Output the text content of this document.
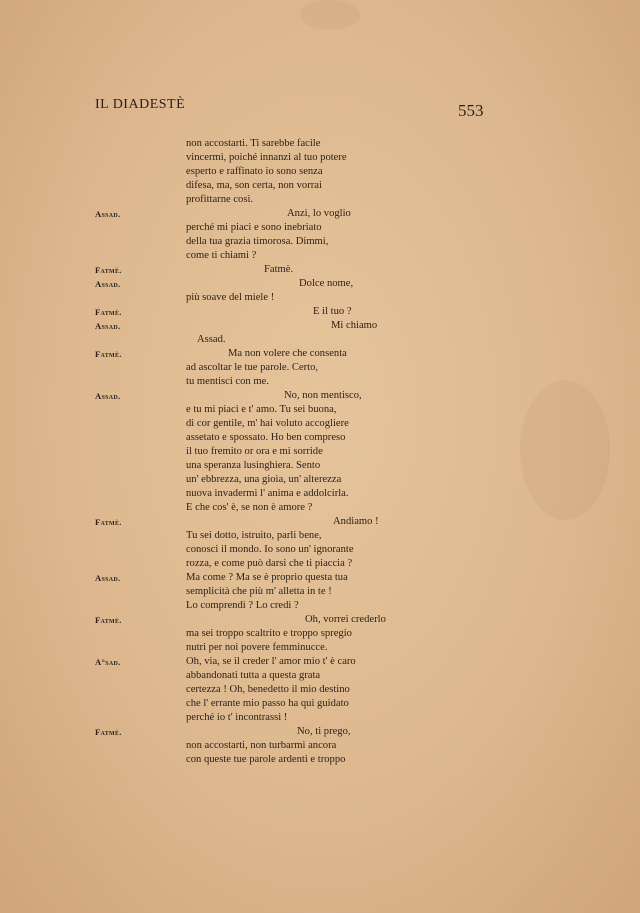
IL DIADESTÈ	553
Assad.
Fatmè.
Assad.
Fatmè.
Assad.
Fatmè.
Assad.
Fatmè.
Assad.
Fatmè.
A°sad.
Fatmè.
non accostarti. Ti sarebbe facile
vincermi, poiché innanzi al tuo potere
esperto e raffinato io sono senza
difesa, ma, son certa, non vorrai
profittarne così.
Anzi, lo voglio
perché mi piaci e sono inebriato
della tua grazia timorosa. Dimmi,
come ti chiami ?
Fatmè.
Dolce nome,
più soave del miele !
E il tuo ?
Mi chiamo
Assad.
Ma non volere che consenta
ad ascoltar le tue parole. Certo,
tu mentisci con me.
No, non mentisco,
e tu mi piaci e t' amo. Tu sei buona,
di cor gentile, m' hai voluto accogliere
assetato e spossato. Ho ben compreso
il tuo fremito or ora e mi sorride
una speranza lusinghiera. Sento
un' ebbrezza, una gioia, un' alterezza
nuova invadermi l' anima e addolcirla.
E che cos' è, se non è amore ?
Andiamo !
Tu sei dotto, istruito, parli bene,
conosci il mondo. Io sono un' ignorante
rozza, e come può darsi che ti piaccia ?
Ma come ? Ma se è proprio questa tua
semplicità che più m' alletta in te !
Lo comprendi ? Lo credi ?
Oh, vorrei crederlo
ma sei troppo scaltrito e troppo spregio
nutri per noi povere femminucce.
Oh, via, se il creder l' amor mio t' è caro
abbandonati tutta a questa grata
certezza ! Oh, benedetto il mio destino
che l' errante mio passo ha qui guidato
perché io t' incontrassi !
No, ti prego,
non accostarti, non turbarmi ancora
con queste tue parole ardenti e troppo
